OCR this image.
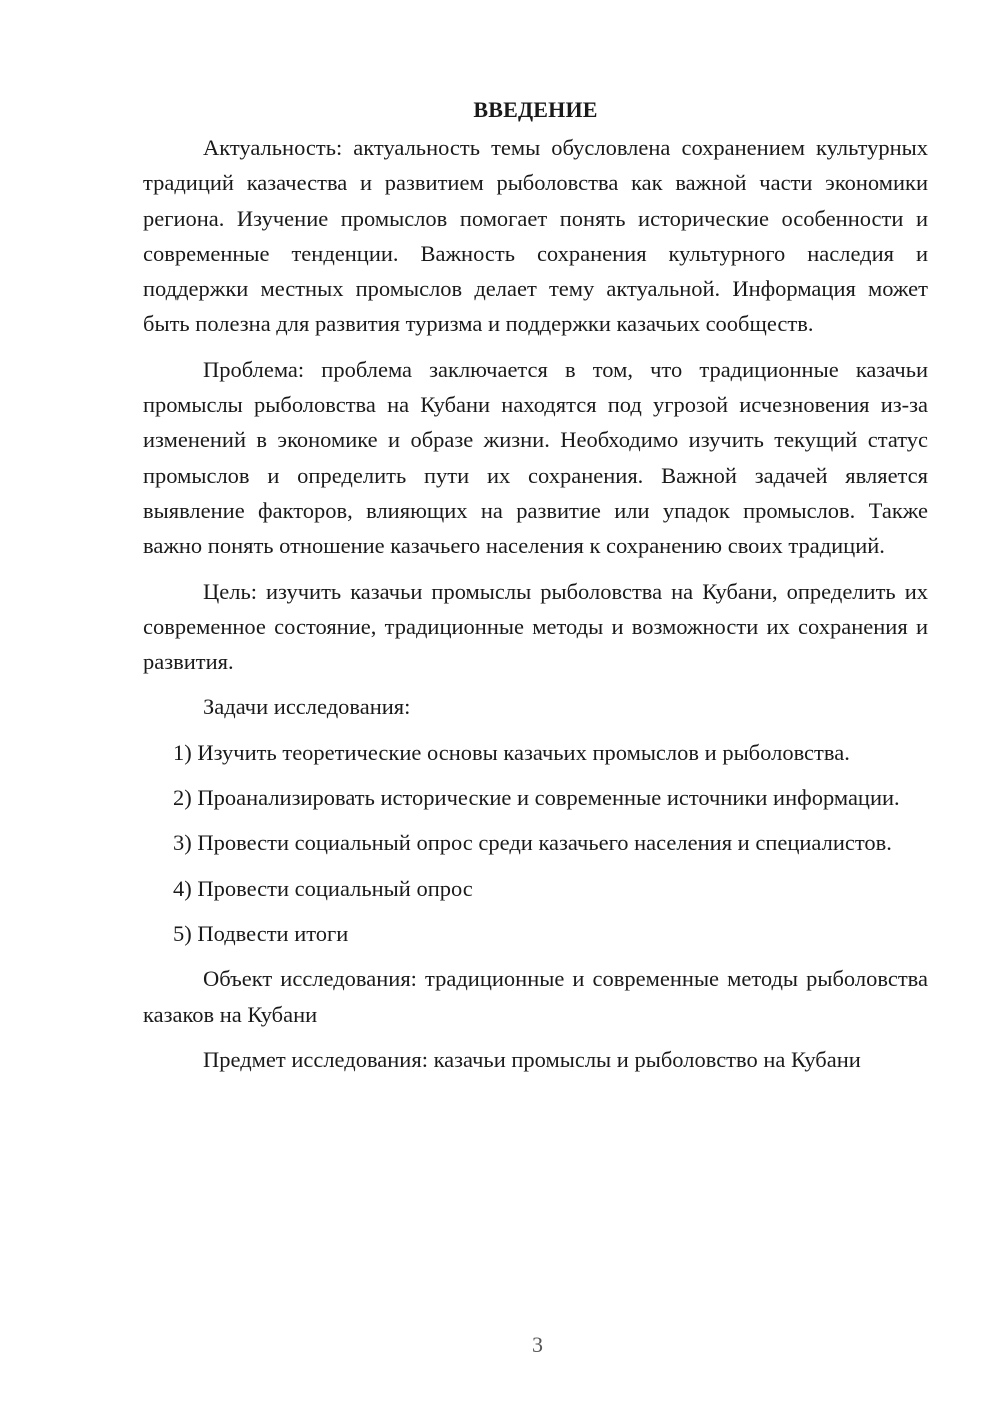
ВВЕДЕНИЕ

Актуальность: актуальность темы обусловлена сохранением культурных традиций казачества и развитием рыболовства как важной части экономики региона. Изучение промыслов помогает понять исторические особенности и современные тенденции. Важность сохранения культурного наследия и поддержки местных промыслов делает тему актуальной. Информация может быть полезна для развития туризма и поддержки казачьих сообществ.

Проблема: проблема заключается в том, что традиционные казачьи промыслы рыболовства на Кубани находятся под угрозой исчезновения из-за изменений в экономике и образе жизни. Необходимо изучить текущий статус промыслов и определить пути их сохранения. Важной задачей является выявление факторов, влияющих на развитие или упадок промыслов. Также важно понять отношение казачьего населения к сохранению своих традиций.

Цель: изучить казачьи промыслы рыболовства на Кубани, определить их современное состояние, традиционные методы и возможности их сохранения и развития.

Задачи исследования:

1) Изучить теоретические основы казачьих промыслов и рыболовства.

2) Проанализировать исторические и современные источники информации.

3) Провести социальный опрос среди казачьего населения и специалистов.

4) Провести социальный опрос

5) Подвести итоги

Объект исследования: традиционные и современные методы рыболовства казаков на Кубани

Предмет исследования: казачьи промыслы и рыболовство на Кубани

3
